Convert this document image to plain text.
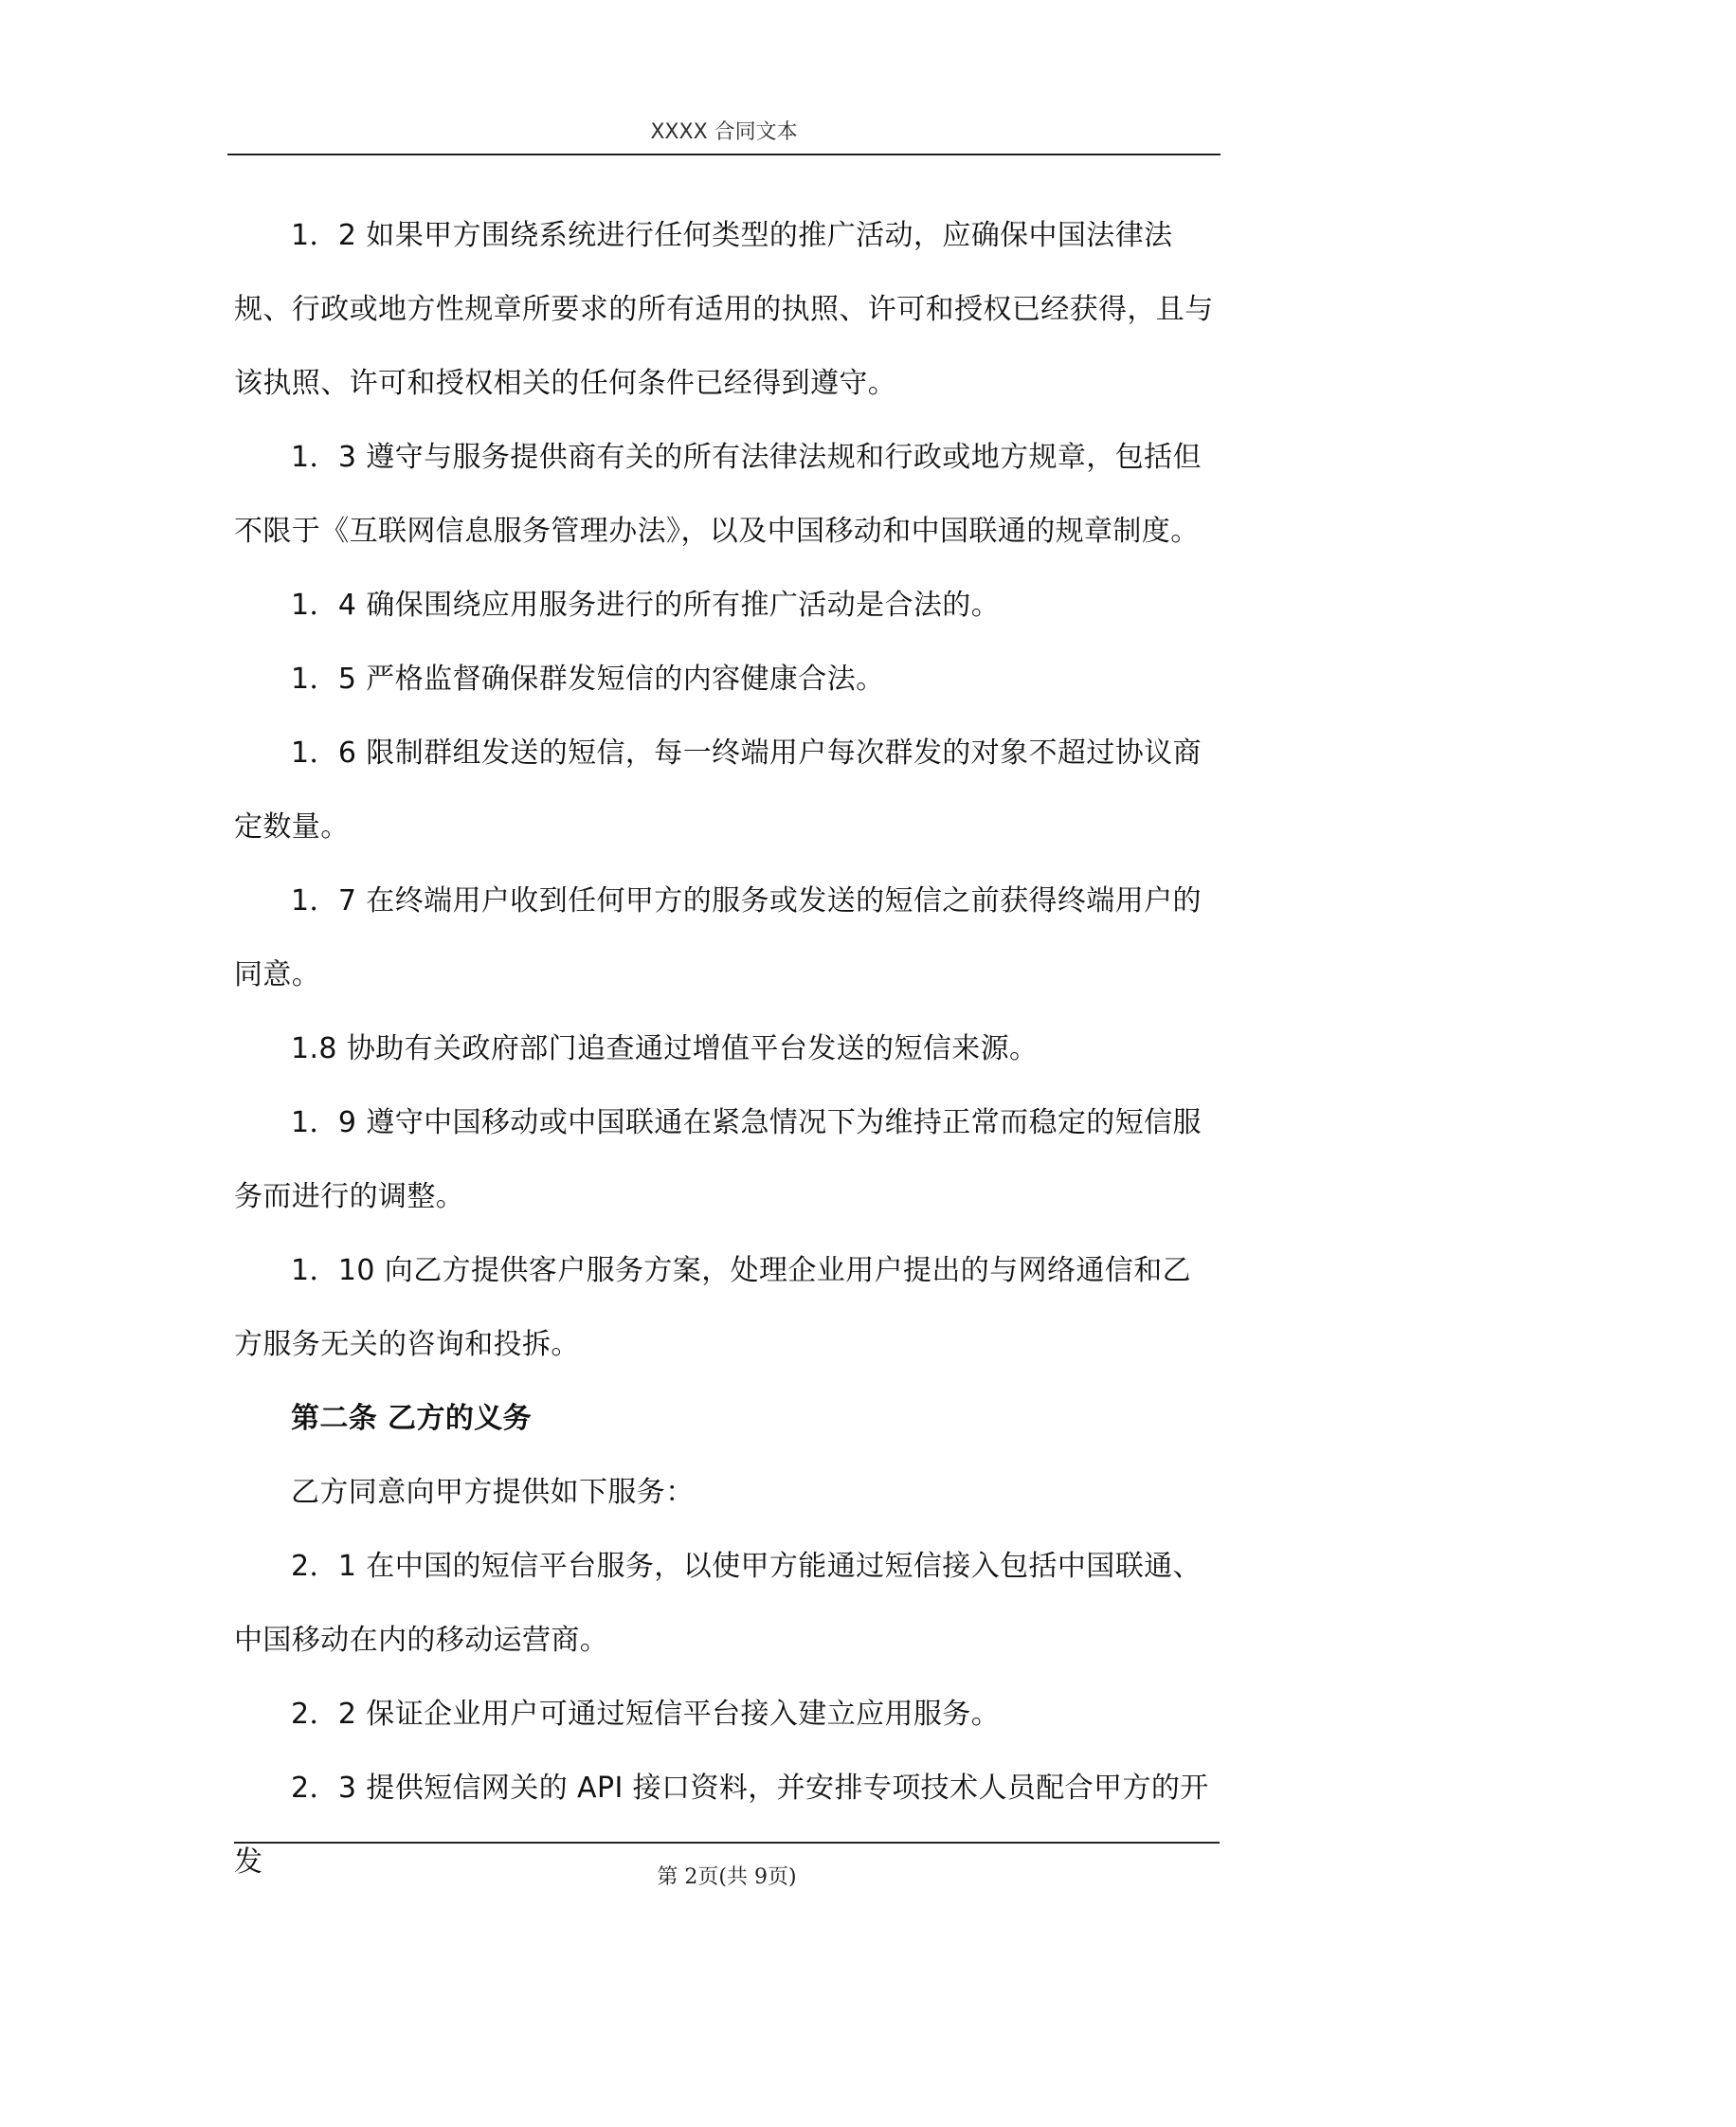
XXXX 合同文本

1．2 如果甲方围绕系统进行任何类型的推广活动，应确保中国法律法规、行政或地方性规章所要求的所有适用的执照、许可和授权已经获得，且与该执照、许可和授权相关的任何条件已经得到遵守。

1．3 遵守与服务提供商有关的所有法律法规和行政或地方规章，包括但不限于《互联网信息服务管理办法》，以及中国移动和中国联通的规章制度。

1．4 确保围绕应用服务进行的所有推广活动是合法的。

1．5 严格监督确保群发短信的内容健康合法。

1．6 限制群组发送的短信，每一终端用户每次群发的对象不超过协议商定数量。

1．7 在终端用户收到任何甲方的服务或发送的短信之前获得终端用户的同意。

1.8 协助有关政府部门追查通过增值平台发送的短信来源。

1．9 遵守中国移动或中国联通在紧急情况下为维持正常而稳定的短信服务而进行的调整。

1．10 向乙方提供客户服务方案，处理企业用户提出的与网络通信和乙方服务无关的咨询和投拆。

第二条 乙方的义务

乙方同意向甲方提供如下服务：

2．1 在中国的短信平台服务，以使甲方能通过短信接入包括中国联通、中国移动在内的移动运营商。

2．2 保证企业用户可通过短信平台接入建立应用服务。

2．3 提供短信网关的 API 接口资料，并安排专项技术人员配合甲方的开发	第 2页(共 9页)
